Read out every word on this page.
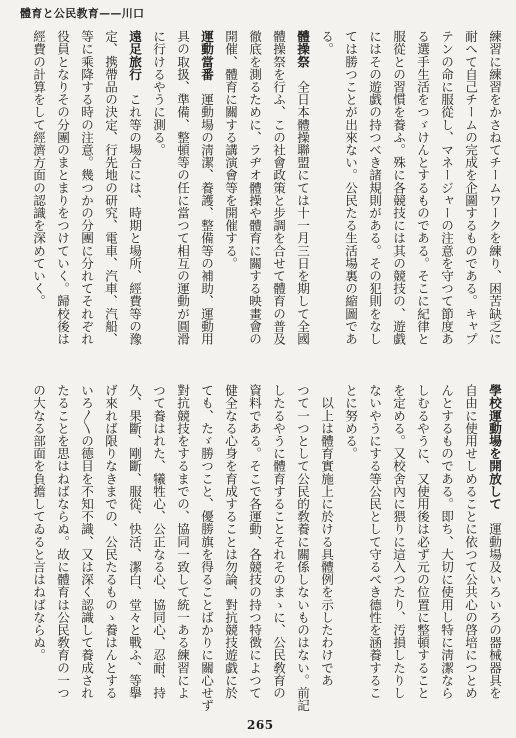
體育と公民教育——川口
練習に練習をかさねてチームワークを練り、困苦缺乏に
耐へて自己チームの完成を企圖するものである。キャプ
テンの命に服從し、マネージャーの注意を守つて節度あ
る選手生活をつゞけんとするものである。そこに紀律と
服從との習慣を養ふ。殊に各競技には其の競技の、遊戯
にはその遊戯の持つべき諸規則がある。その犯則をなし
ては勝つことが出來ない。公民たる生活場裏の縮圖であ
る。
體操祭　全日本體操聯盟にては十一月三日を期して全國
體操祭を行ふ、この社會政策と步調を合せて體育の普及
徹底を測るために、ラヂオ體操や體育に關する映畫會の
開催、體育に關する講演會等を開催する。
運動當番　運動場の淸潔、養護、整備等の補助、運動用
具の取扱、準備、整頓等の任に當つて相互の運動が圓滑
に行けるやうに測る。
遠足旅行　これ等の場合には、時期と場所、經費等の豫
定、携帶品の決定、行先地の研究、電車、汽車、汽船、
等に乘降する時の注意。幾つかの分團に分れてそれぞれ
役員となりその分團のまとまりをつけていく。歸校後は
經費の計算をして經濟方面の認識を深めていく。
學校運動場を開放して　運動場及いろいろの器械器具を
自由に使用せしめることに依つて公共心の啓培につとめ
んとするものである。即ち、大切に使用し特に淸潔なら
しむるやうに、又使用後は必ず元の位置に整頓すること
を定める。又校舍內に猥りに這入つたり、汚損したりし
ないやうにする等公民として守るべき德性を涵養するこ
とに努める。
　以上は體育實施上に於ける具體例を示したわけであ
つて一つとして公民的敎養に關係しないものはない。前記
したるやうに體育することそれそのまゝに、公民敎育の
資料である。そこで各運動、各競技の持つ特徴によつて
健全なる心身を育成することは勿論、對抗競技遊戯に於
ても、たゞ勝つこと、優勝旗を得ることばかりに關心せず
對抗競技をするまでの、協同一致して統一ある練習によ
つて養はれた、犧牲心、公正なる心、協同心、忍耐、持
久、果斷、剛斷、服從、快活、潔白、堂々と戰ふ、等擧
げ來れば限りなきまでの、公民たるものゝ養はんとする
いろ〳〵の德目を不知不識、又は深く認識して養成され
たることを思はねばならぬ。故に體育は公民敎育の一つ
の大なる部面を負擔してゐると言はねばならぬ。
265
